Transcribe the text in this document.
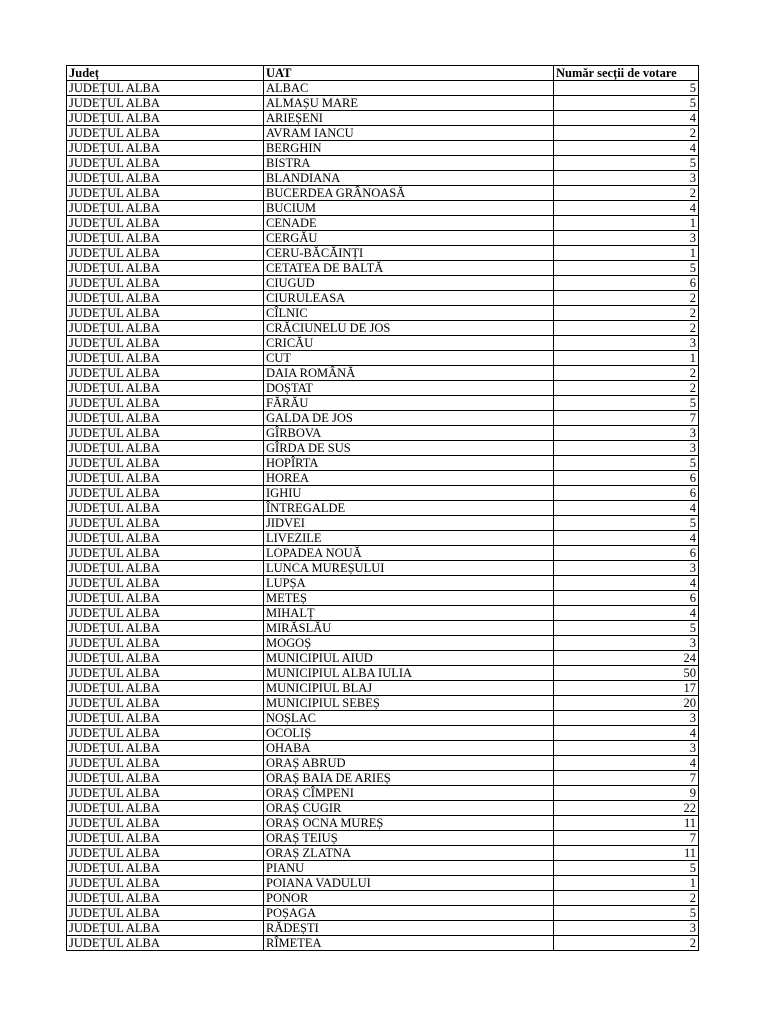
Județ	UAT	Număr secții de votare
JUDEȚUL ALBA	ALBAC	5
JUDEȚUL ALBA	ALMAȘU MARE	5
JUDEȚUL ALBA	ARIEȘENI	4
JUDEȚUL ALBA	AVRAM IANCU	2
JUDEȚUL ALBA	BERGHIN	4
JUDEȚUL ALBA	BISTRA	5
JUDEȚUL ALBA	BLANDIANA	3
JUDEȚUL ALBA	BUCERDEA GRÂNOASĂ	2
JUDEȚUL ALBA	BUCIUM	4
JUDEȚUL ALBA	CENADE	1
JUDEȚUL ALBA	CERGĂU	3
JUDEȚUL ALBA	CERU-BĂCĂINȚI	1
JUDEȚUL ALBA	CETATEA DE BALTĂ	5
JUDEȚUL ALBA	CIUGUD	6
JUDEȚUL ALBA	CIURULEASA	2
JUDEȚUL ALBA	CÎLNIC	2
JUDEȚUL ALBA	CRĂCIUNELU DE JOS	2
JUDEȚUL ALBA	CRICĂU	3
JUDEȚUL ALBA	CUT	1
JUDEȚUL ALBA	DAIA ROMÂNĂ	2
JUDEȚUL ALBA	DOȘTAT	2
JUDEȚUL ALBA	FĂRĂU	5
JUDEȚUL ALBA	GALDA DE JOS	7
JUDEȚUL ALBA	GÎRBOVA	3
JUDEȚUL ALBA	GÎRDA DE SUS	3
JUDEȚUL ALBA	HOPÎRTA	5
JUDEȚUL ALBA	HOREA	6
JUDEȚUL ALBA	IGHIU	6
JUDEȚUL ALBA	ÎNTREGALDE	4
JUDEȚUL ALBA	JIDVEI	5
JUDEȚUL ALBA	LIVEZILE	4
JUDEȚUL ALBA	LOPADEA NOUĂ	6
JUDEȚUL ALBA	LUNCA MUREȘULUI	3
JUDEȚUL ALBA	LUPȘA	4
JUDEȚUL ALBA	METEȘ	6
JUDEȚUL ALBA	MIHALȚ	4
JUDEȚUL ALBA	MIRĂSLĂU	5
JUDEȚUL ALBA	MOGOȘ	3
JUDEȚUL ALBA	MUNICIPIUL AIUD	24
JUDEȚUL ALBA	MUNICIPIUL ALBA IULIA	50
JUDEȚUL ALBA	MUNICIPIUL BLAJ	17
JUDEȚUL ALBA	MUNICIPIUL SEBEȘ	20
JUDEȚUL ALBA	NOȘLAC	3
JUDEȚUL ALBA	OCOLIȘ	4
JUDEȚUL ALBA	OHABA	3
JUDEȚUL ALBA	ORAȘ ABRUD	4
JUDEȚUL ALBA	ORAȘ BAIA DE ARIEȘ	7
JUDEȚUL ALBA	ORAȘ CÎMPENI	9
JUDEȚUL ALBA	ORAȘ CUGIR	22
JUDEȚUL ALBA	ORAȘ OCNA MUREȘ	11
JUDEȚUL ALBA	ORAȘ TEIUȘ	7
JUDEȚUL ALBA	ORAȘ ZLATNA	11
JUDEȚUL ALBA	PIANU	5
JUDEȚUL ALBA	POIANA VADULUI	1
JUDEȚUL ALBA	PONOR	2
JUDEȚUL ALBA	POȘAGA	5
JUDEȚUL ALBA	RĂDEȘTI	3
JUDEȚUL ALBA	RÎMETEA	2
